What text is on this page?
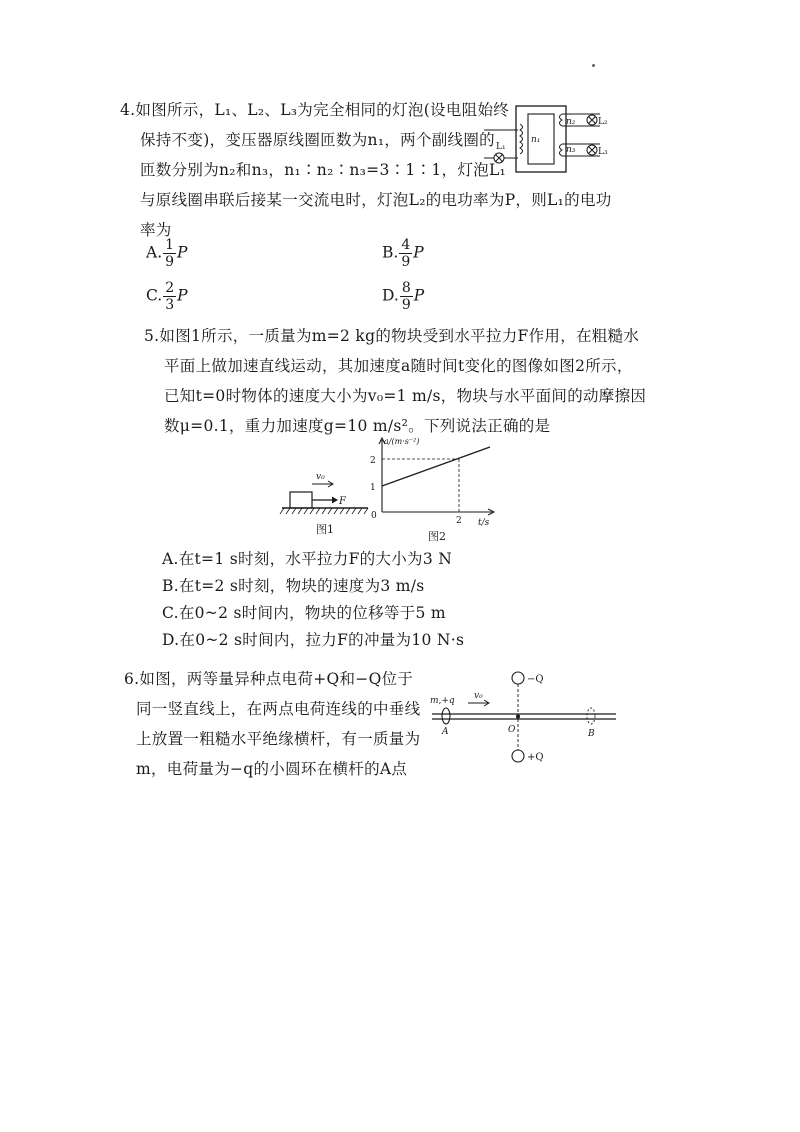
4.如图所示，L₁、L₂、L₃为完全相同的灯泡(设电阻始终
保持不变)，变压器原线圈匝数为n₁，两个副线圈的
匝数分别为n₂和n₃，n₁∶n₂∶n₃=3∶1∶1，灯泡L₁
与原线圈串联后接某一交流电时，灯泡L₂的电功率为P，则L₁的电功
率为
n₁
n₂
n₃
L₁
L₂
L₃
A. $\frac{1}{9}$ P	B. $\frac{4}{9}$ P
C. $\frac{2}{3}$ P	D. $\frac{8}{9}$ P
5.如图1所示，一质量为m=2 kg的物块受到水平拉力F作用，在粗糙水
平面上做加速直线运动，其加速度a随时间t变化的图像如图2所示，
已知t=0时物体的速度大小为v₀=1 m/s，物块与水平面间的动摩擦因
数μ=0.1，重力加速度g=10 m/s²。下列说法正确的是
v₀
F
图1
a/(m·s⁻²)
t/s
2
1
0	2
图2
A.在t=1 s时刻，水平拉力F的大小为3 N
B.在t=2 s时刻，物块的速度为3 m/s
C.在0~2 s时间内，物块的位移等于5 m
D.在0~2 s时间内，拉力F的冲量为10 N·s
6.如图，两等量异种点电荷+Q和−Q位于
同一竖直线上，在两点电荷连线的中垂线
上放置一粗糙水平绝缘横杆，有一质量为
m，电荷量为−q的小圆环在横杆的A点
−Q
+Q
m,+q v₀
A	O	B
